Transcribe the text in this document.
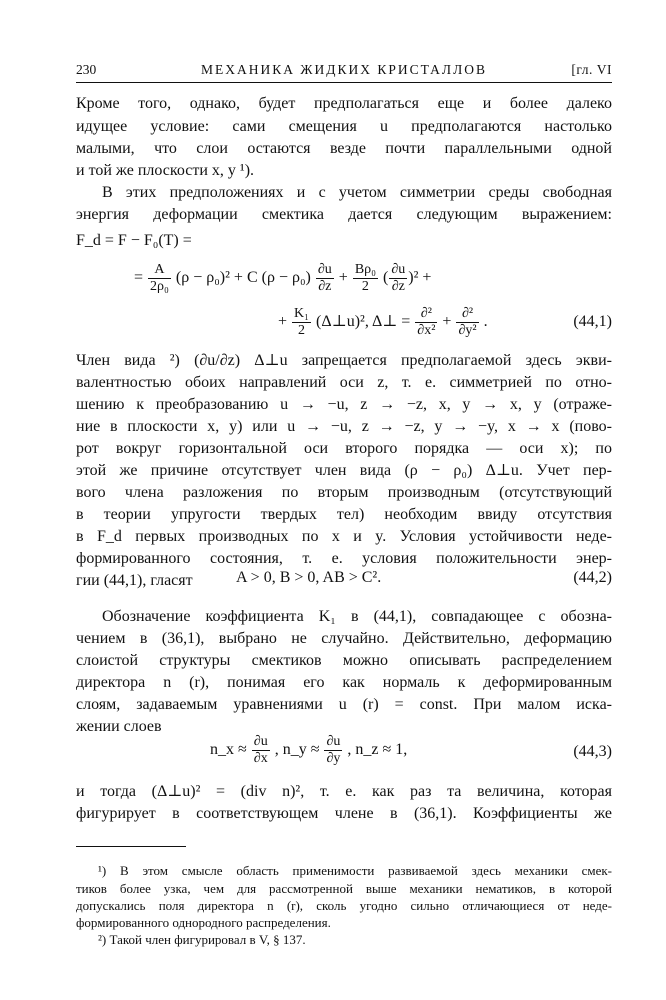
230	МЕХАНИКА ЖИДКИХ КРИСТАЛЛОВ	[гл. VI
Кроме того, однако, будет предполагаться еще и более далеко
идущее условие: сами смещения u предполагаются настолько
малыми, что слои остаются везде почти параллельными одной
и той же плоскости x, y ¹).
В этих предположениях и с учетом симметрии среды свободная
энергия деформации смектика дается следующим выражением:
F_d = F − F₀(T) =
= $\frac{A}{\text{2ρ₀}} (\rho - \rho_0)^2 + C$ $(\rho - \rho_0) \frac{\partial u}{\partial z} + \frac{\text{Bρ₀}}{2}$ ( $\frac{\partial u}{\partial z} )^2$ +
+ $\frac{\text{K₁}}{2}$ (Δ⊥u)², Δ⊥ = ∂²
∂x²
+ ∂²
∂y²
.	(44,1)
Член вида ²) (∂u/∂z) Δ⊥u запрещается предполагаемой здесь экви-
валентностью обоих направлений оси z, т. е. симметрией по отно-
шению к преобразованию u → −u, z → −z, x, y → x, y (отраже-
ние в плоскости x, y) или u → −u, z → −z, y → −y, x → x (пово-
рот вокруг горизонтальной оси второго порядка — оси x); по
этой же причине отсутствует член вида (ρ − ρ₀) Δ⊥u. Учет пер-
вого члена разложения по вторым производным (отсутствующий
в теории упругости твердых тел) необходим ввиду отсутствия
в F_d первых производных по x и y. Условия устойчивости неде-
формированного состояния, т. е. условия положительности энер-
гии (44,1), гласят	A > 0, B > 0, AB > C².	(44,2)
Обозначение коэффициента K₁ в (44,1), совпадающее с обозна-
чением в (36,1), выбрано не случайно. Действительно, деформацию
слоистой структуры смектиков можно описывать распределением
директора n (r), понимая его как нормаль к деформированным
слоям, задаваемым уравнениями u (r) = const. При малом иска-
жении слоев
n_x ≈ $\frac{\partial u}{\partial x}$ , n_y ≈ $\frac{\partial u}{\partial y}$ , n_z ≈ 1,	(44,3)
и тогда (Δ⊥u)² = (div n)², т. е. как раз та величина, которая
фигурирует в соответствующем члене в (36,1). Коэффициенты же
¹) В этом смысле область применимости развиваемой здесь механики смек-
тиков более узка, чем для рассмотренной выше механики нематиков, в которой
допускались поля директора n (r), сколь угодно сильно отличающиеся от неде-
формированного однородного распределения.
²) Такой член фигурировал в V, § 137.
